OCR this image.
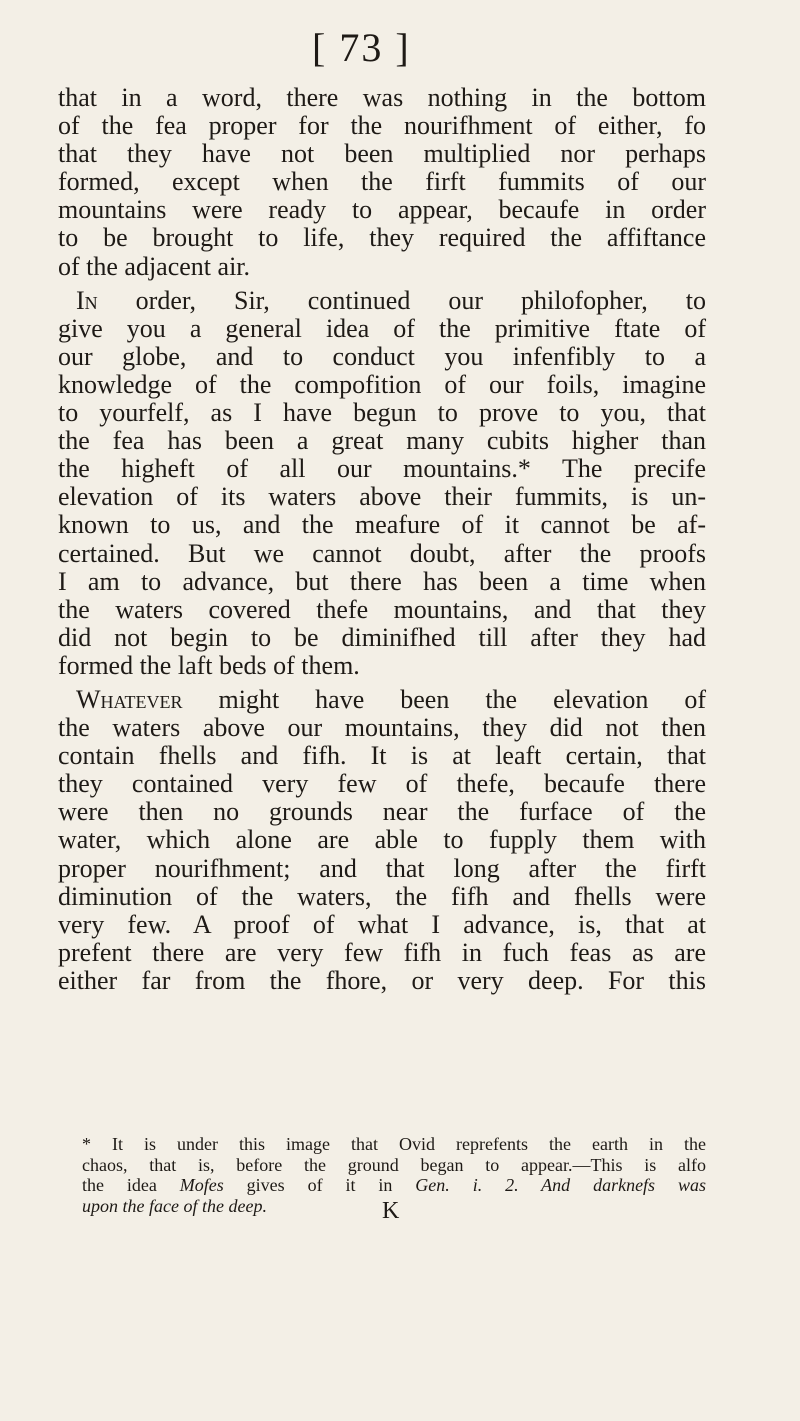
[ 73 ]
that in a word, there was nothing in the bottom
of the fea proper for the nourifhment of either, fo
that they have not been multiplied nor perhaps
formed, except when the firft fummits of our
mountains were ready to appear, becaufe in order
to be brought to life, they required the affiftance
of the adjacent air.
In order, Sir, continued our philofopher, to
give you a general idea of the primitive ftate of
our globe, and to conduct you infenfibly to a
knowledge of the compofition of our foils, imagine
to yourfelf, as I have begun to prove to you, that
the fea has been a great many cubits higher than
the higheft of all our mountains.* The precife
elevation of its waters above their fummits, is un-
known to us, and the meafure of it cannot be af-
certained. But we cannot doubt, after the proofs
I am to advance, but there has been a time when
the waters covered thefe mountains, and that they
did not begin to be diminifhed till after they had
formed the laft beds of them.
Whatever might have been the elevation of
the waters above our mountains, they did not then
contain fhells and fifh. It is at leaft certain, that
they contained very few of thefe, becaufe there
were then no grounds near the furface of the
water, which alone are able to fupply them with
proper nourifhment; and that long after the firft
diminution of the waters, the fifh and fhells were
very few. A proof of what I advance, is, that at
prefent there are very few fifh in fuch feas as are
either far from the fhore, or very deep. For this
* It is under this image that Ovid reprefents the earth in the
chaos, that is, before the ground began to appear.—This is alfo
the idea Mofes gives of it in Gen. i. 2. And darknefs was
upon the face of the deep.	K
